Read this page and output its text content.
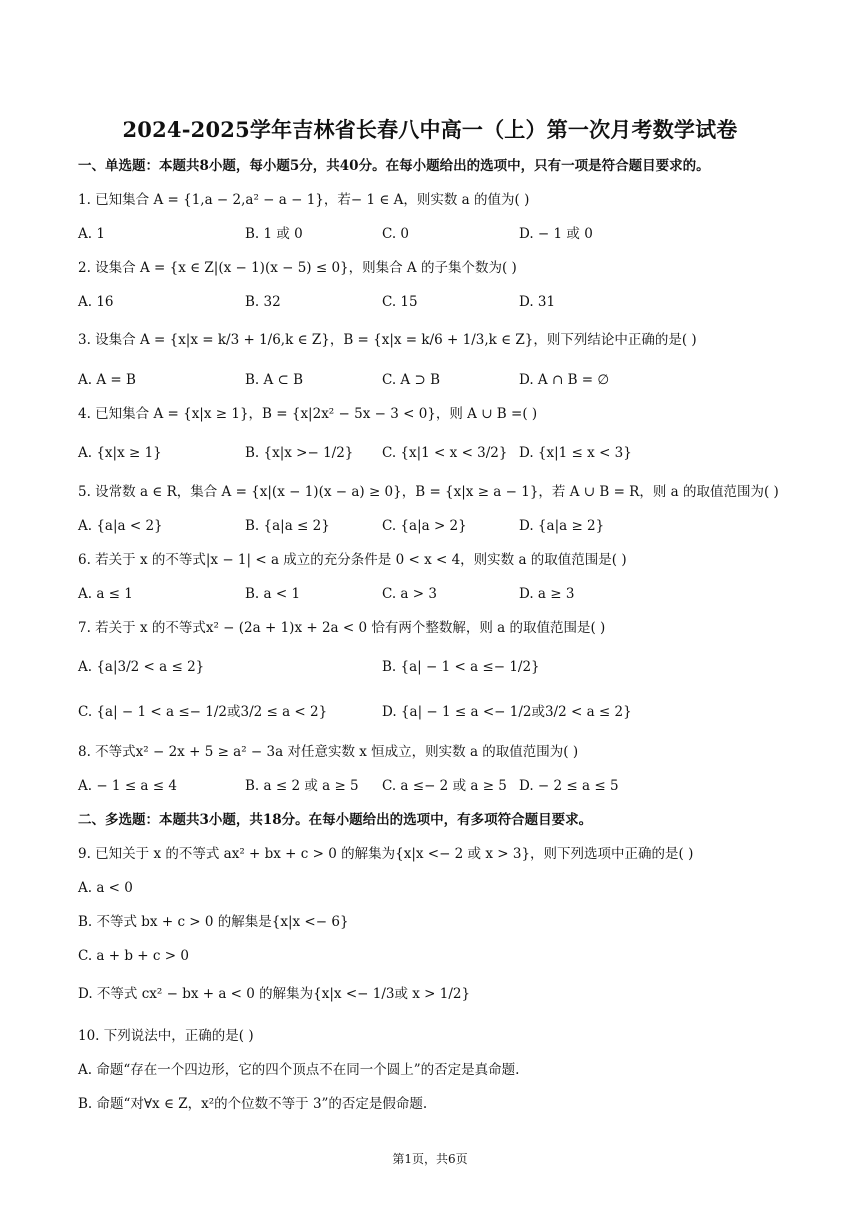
2024-2025学年吉林省长春八中高一（上）第一次月考数学试卷
一、单选题：本题共8小题，每小题5分，共40分。在每小题给出的选项中，只有一项是符合题目要求的。
1. 已知集合 A = {1,a − 2,a² − a − 1}，若− 1 ∈ A，则实数 a 的值为( )
A. 1	B. 1 或 0	C. 0	D. − 1 或 0
2. 设集合 A = {x ∈ Z|(x − 1)(x − 5) ≤ 0}，则集合 A 的子集个数为( )
A. 16	B. 32	C. 15	D. 31
3. 设集合 A = {x|x = k/3 + 1/6,k ∈ Z}，B = {x|x = k/6 + 1/3,k ∈ Z}，则下列结论中正确的是( )
A. A = B	B. A ⊂ B	C. A ⊃ B	D. A ∩ B = ∅
4. 已知集合 A = {x|x ≥ 1}，B = {x|2x² − 5x − 3 < 0}，则 A ∪ B =( )
A. {x|x ≥ 1}	B. {x|x >− 1/2} C. {x|1 < x < 3/2} D. {x|1 ≤ x < 3}
5. 设常数 a ∈ R，集合 A = {x|(x − 1)(x − a) ≥ 0}，B = {x|x ≥ a − 1}，若 A ∪ B = R，则 a 的取值范围为( )
A. {a|a < 2}	B. {a|a ≤ 2}	C. {a|a > 2}	D. {a|a ≥ 2}
6. 若关于 x 的不等式|x − 1| < a 成立的充分条件是 0 < x < 4，则实数 a 的取值范围是( )
A. a ≤ 1	B. a < 1	C. a > 3	D. a ≥ 3
7. 若关于 x 的不等式x² − (2a + 1)x + 2a < 0 恰有两个整数解，则 a 的取值范围是( )
A. {a|3/2 < a ≤ 2}	B. {a| − 1 < a ≤− 1/2}
C. {a| − 1 < a ≤− 1/2或3/2 ≤ a < 2}	D. {a| − 1 ≤ a <− 1/2或3/2 < a ≤ 2}
8. 不等式x² − 2x + 5 ≥ a² − 3a 对任意实数 x 恒成立，则实数 a 的取值范围为( )
A. − 1 ≤ a ≤ 4	B. a ≤ 2 或 a ≥ 5 C. a ≤− 2 或 a ≥ 5 D. − 2 ≤ a ≤ 5
二、多选题：本题共3小题，共18分。在每小题给出的选项中，有多项符合题目要求。
9. 已知关于 x 的不等式 ax² + bx + c > 0 的解集为{x|x <− 2 或 x > 3}，则下列选项中正确的是( )
A. a < 0
B. 不等式 bx + c > 0 的解集是{x|x <− 6}
C. a + b + c > 0
D. 不等式 cx² − bx + a < 0 的解集为{x|x <− 1/3或 x > 1/2}
10. 下列说法中，正确的是( )
A. 命题“存在一个四边形，它的四个顶点不在同一个圆上”的否定是真命题.
B. 命题“对∀x ∈ Z，x²的个位数不等于 3”的否定是假命题.
第1页，共6页
